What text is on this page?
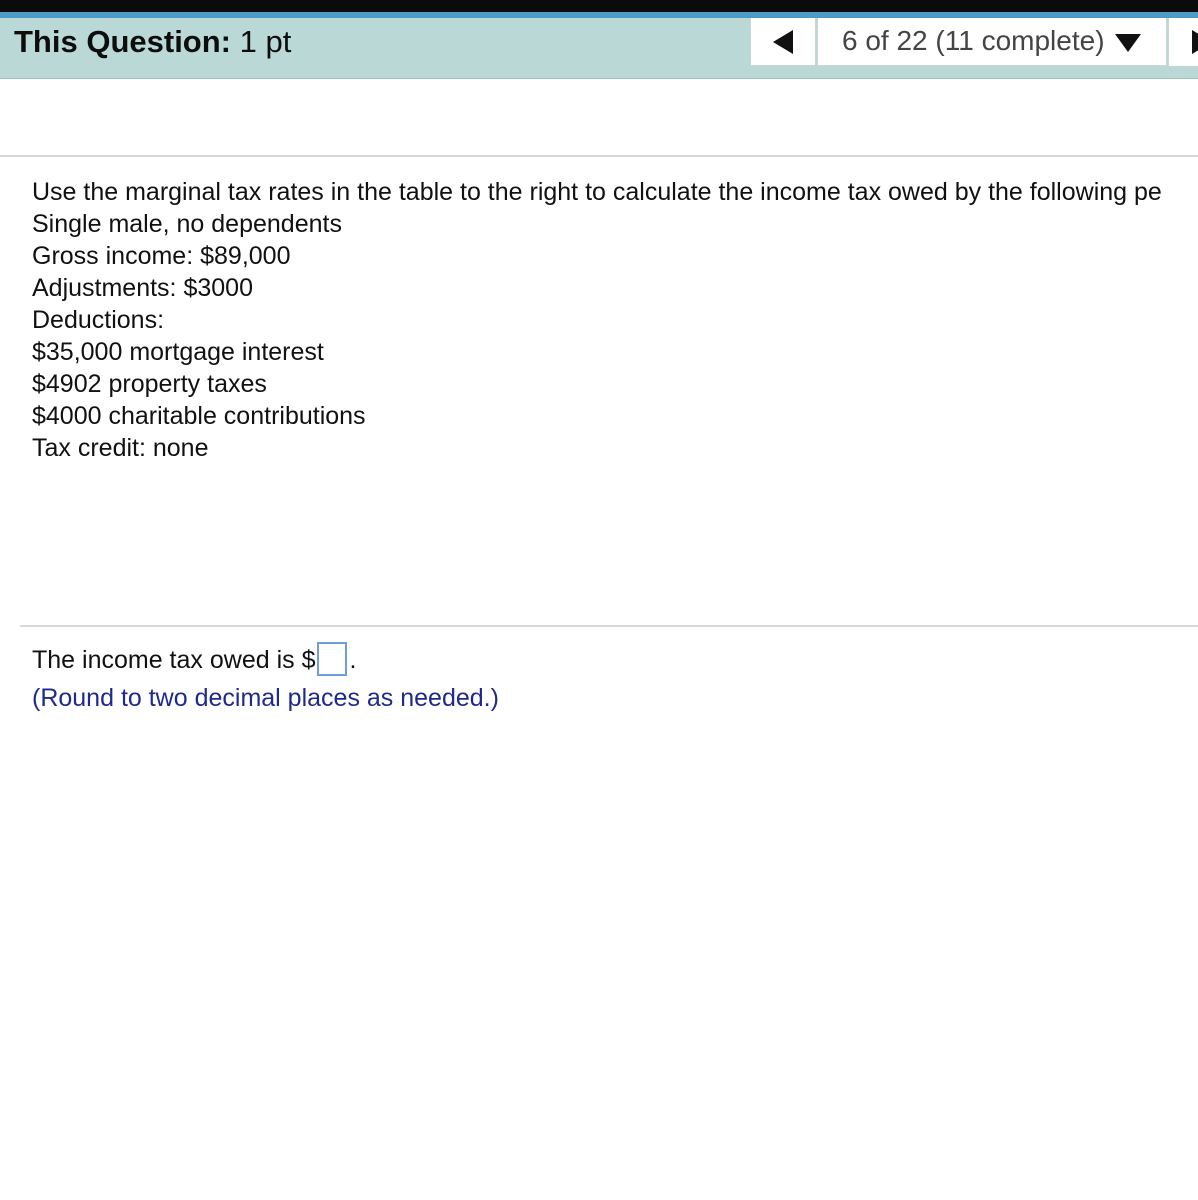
This Question: 1 pt	6 of 22 (11 complete)
Use the marginal tax rates in the table to the right to calculate the income tax owed by the following pe
Single male, no dependents
Gross income: $89,000
Adjustments: $3000
Deductions:
$35,000 mortgage interest
$4902 property taxes
$4000 charitable contributions
Tax credit: none
The income tax owed is $ .
(Round to two decimal places as needed.)
